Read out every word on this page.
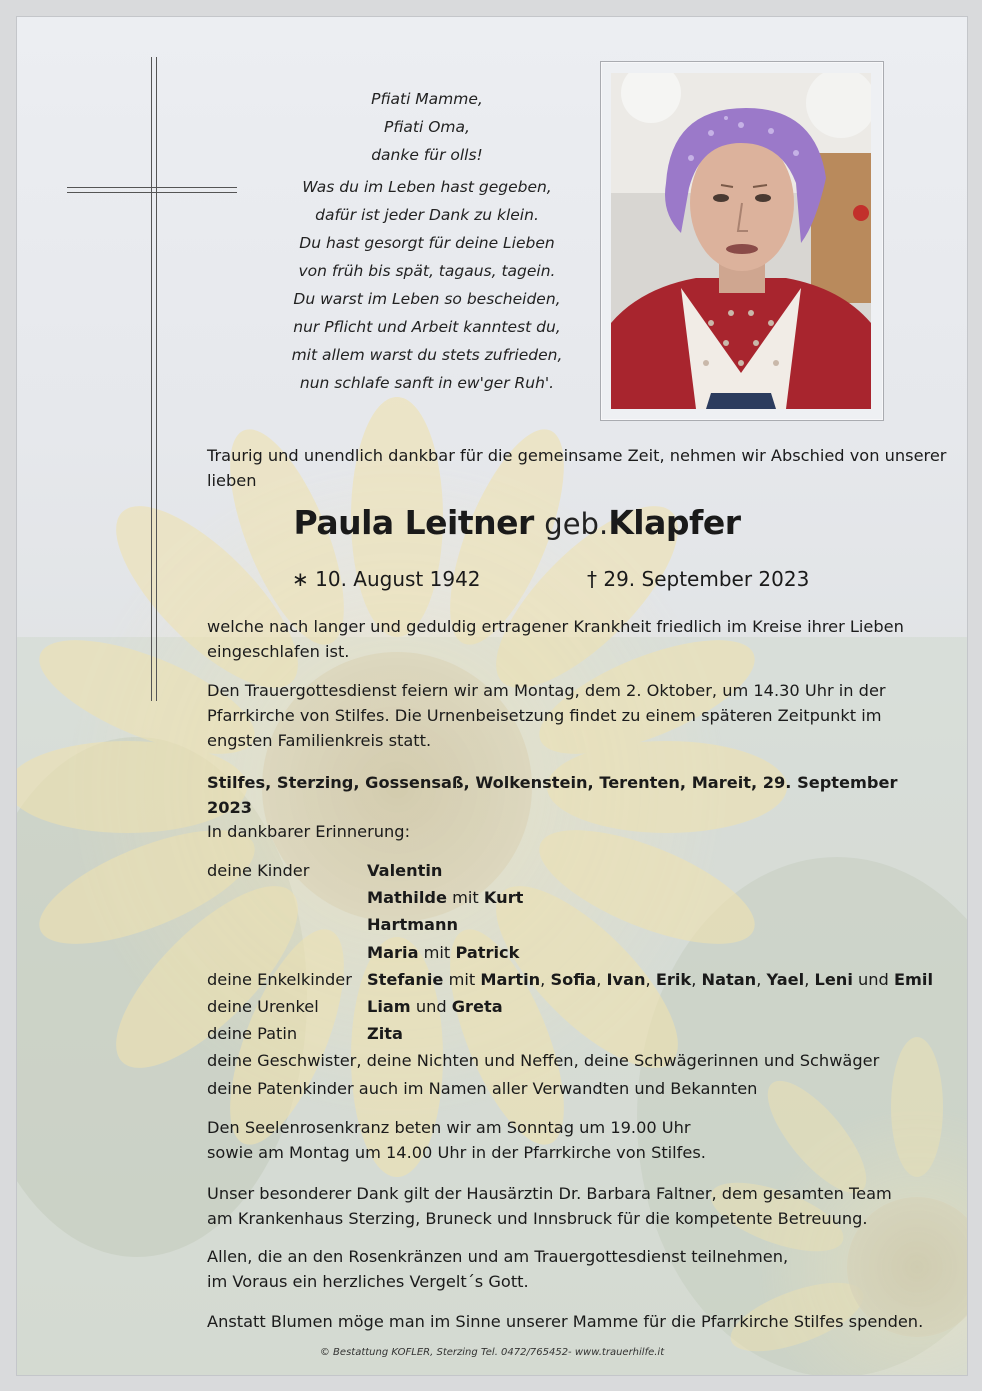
Pfiati Mamme,
Pfiati Oma,
danke für olls!
Was du im Leben hast gegeben,
dafür ist jeder Dank zu klein.
Du hast gesorgt für deine Lieben
von früh bis spät, tagaus, tagein.
Du warst im Leben so bescheiden,
nur Pflicht und Arbeit kanntest du,
mit allem warst du stets zufrieden,
nun schlafe sanft in ew'ger Ruh'.
Traurig und unendlich dankbar für die gemeinsame Zeit, nehmen wir Abschied von unserer lieben
Paula Leitner geb.Klapfer
∗ 10. August 1942	† 29. September 2023
welche nach langer und geduldig ertragener Krankheit friedlich im Kreise ihrer Lieben eingeschlafen ist.
Den Trauergottesdienst feiern wir am Montag, dem 2. Oktober, um 14.30 Uhr in der Pfarrkirche von Stilfes. Die Urnenbeisetzung findet zu einem späteren Zeitpunkt im engsten Familienkreis statt.
Stilfes, Sterzing, Gossensaß, Wolkenstein, Terenten, Mareit, 29. September 2023
In dankbarer Erinnerung:
deine Kinder	Valentin
Mathilde mit Kurt
Hartmann
Maria mit Patrick
deine Enkelkinder Stefanie mit Martin, Sofia, Ivan, Erik, Natan, Yael, Leni und Emil
deine Urenkel	Liam und Greta
deine Patin	Zita
deine Geschwister, deine Nichten und Neffen, deine Schwägerinnen und Schwäger
deine Patenkinder auch im Namen aller Verwandten und Bekannten
Den Seelenrosenkranz beten wir am Sonntag um 19.00 Uhr
sowie am Montag um 14.00 Uhr in der Pfarrkirche von Stilfes.
Unser besonderer Dank gilt der Hausärztin Dr. Barbara Faltner, dem gesamten Team
am Krankenhaus Sterzing, Bruneck und Innsbruck für die kompetente Betreuung.
Allen, die an den Rosenkränzen und am Trauergottesdienst teilnehmen,
im Voraus ein herzliches Vergelt´s Gott.
Anstatt Blumen möge man im Sinne unserer Mamme für die Pfarrkirche Stilfes spenden.
© Bestattung KOFLER, Sterzing Tel. 0472/765452- www.trauerhilfe.it
